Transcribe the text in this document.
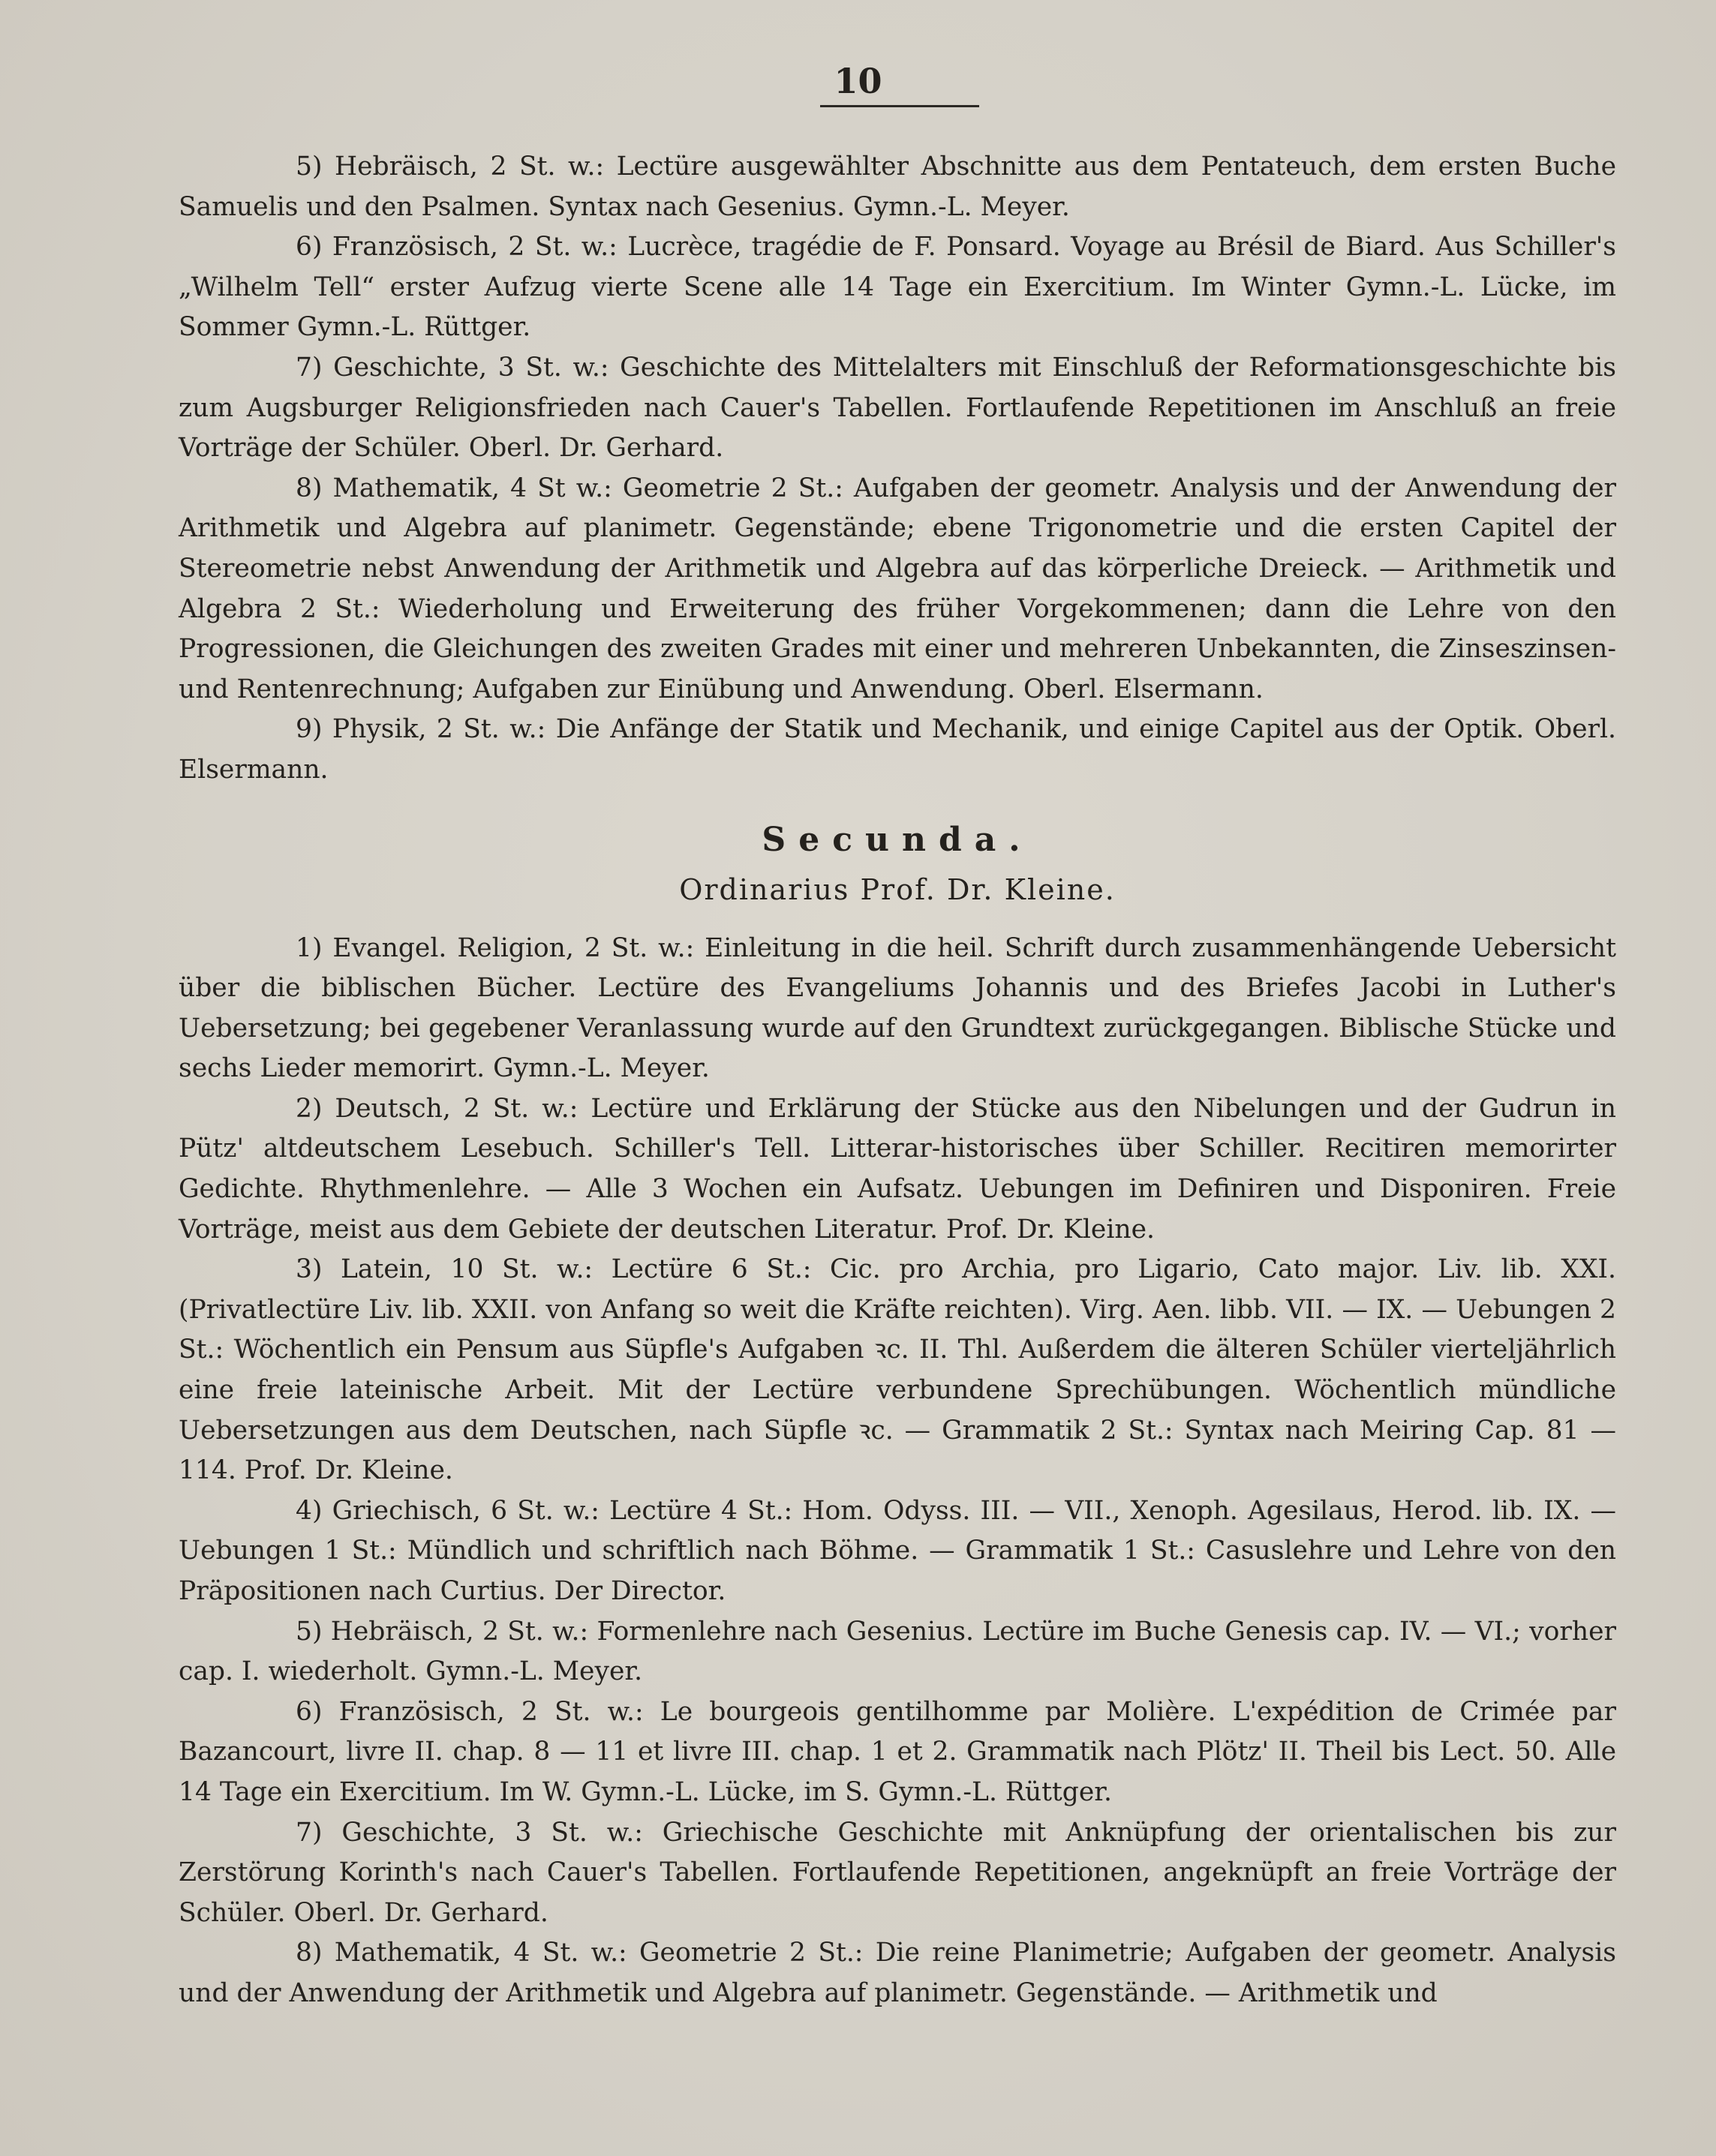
10

5) Hebräisch, 2 St. w.: Lectüre ausgewählter Abschnitte aus dem Pentateuch, dem ersten Buche Samuelis und den Psalmen. Syntax nach Gesenius. Gymn.-L. Meyer.

6) Französisch, 2 St. w.: Lucrèce, tragédie de F. Ponsard. Voyage au Brésil de Biard. Aus Schiller's „Wilhelm Tell“ erster Aufzug vierte Scene alle 14 Tage ein Exercitium. Im Winter Gymn.-L. Lücke, im Sommer Gymn.-L. Rüttger.

7) Geschichte, 3 St. w.: Geschichte des Mittelalters mit Einschluß der Reformationsgeschichte bis zum Augsburger Religionsfrieden nach Cauer's Tabellen. Fortlaufende Repetitionen im Anschluß an freie Vorträge der Schüler. Oberl. Dr. Gerhard.

8) Mathematik, 4 St w.: Geometrie 2 St.: Aufgaben der geometr. Analysis und der Anwendung der Arithmetik und Algebra auf planimetr. Gegenstände; ebene Trigonometrie und die ersten Capitel der Stereometrie nebst Anwendung der Arithmetik und Algebra auf das körperliche Dreieck. — Arithmetik und Algebra 2 St.: Wiederholung und Erweiterung des früher Vorgekommenen; dann die Lehre von den Progressionen, die Gleichungen des zweiten Grades mit einer und mehreren Unbekannten, die Zinseszinsen- und Rentenrechnung; Aufgaben zur Einübung und Anwendung. Oberl. Elsermann.

9) Physik, 2 St. w.: Die Anfänge der Statik und Mechanik, und einige Capitel aus der Optik. Oberl. Elsermann.

Secunda.

Ordinarius Prof. Dr. Kleine.

1) Evangel. Religion, 2 St. w.: Einleitung in die heil. Schrift durch zusammenhängende Uebersicht über die biblischen Bücher. Lectüre des Evangeliums Johannis und des Briefes Jacobi in Luther's Uebersetzung; bei gegebener Veranlassung wurde auf den Grundtext zurückgegangen. Biblische Stücke und sechs Lieder memorirt. Gymn.-L. Meyer.

2) Deutsch, 2 St. w.: Lectüre und Erklärung der Stücke aus den Nibelungen und der Gudrun in Pütz' altdeutschem Lesebuch. Schiller's Tell. Litterar-historisches über Schiller. Recitiren memorirter Gedichte. Rhythmenlehre. — Alle 3 Wochen ein Aufsatz. Uebungen im Definiren und Disponiren. Freie Vorträge, meist aus dem Gebiete der deutschen Literatur. Prof. Dr. Kleine.

3) Latein, 10 St. w.: Lectüre 6 St.: Cic. pro Archia, pro Ligario, Cato major. Liv. lib. XXI. (Privatlectüre Liv. lib. XXII. von Anfang so weit die Kräfte reichten). Virg. Aen. libb. VII. — IX. — Uebungen 2 St.: Wöchentlich ein Pensum aus Süpfle's Aufgaben ꝛc. II. Thl. Außerdem die älteren Schüler vierteljährlich eine freie lateinische Arbeit. Mit der Lectüre verbundene Sprechübungen. Wöchentlich mündliche Uebersetzungen aus dem Deutschen, nach Süpfle ꝛc. — Grammatik 2 St.: Syntax nach Meiring Cap. 81 — 114. Prof. Dr. Kleine.

4) Griechisch, 6 St. w.: Lectüre 4 St.: Hom. Odyss. III. — VII., Xenoph. Agesilaus, Herod. lib. IX. — Uebungen 1 St.: Mündlich und schriftlich nach Böhme. — Grammatik 1 St.: Casuslehre und Lehre von den Präpositionen nach Curtius. Der Director.

5) Hebräisch, 2 St. w.: Formenlehre nach Gesenius. Lectüre im Buche Genesis cap. IV. — VI.; vorher cap. I. wiederholt. Gymn.-L. Meyer.

6) Französisch, 2 St. w.: Le bourgeois gentilhomme par Molière. L'expédition de Crimée par Bazancourt, livre II. chap. 8 — 11 et livre III. chap. 1 et 2. Grammatik nach Plötz' II. Theil bis Lect. 50. Alle 14 Tage ein Exercitium. Im W. Gymn.-L. Lücke, im S. Gymn.-L. Rüttger.

7) Geschichte, 3 St. w.: Griechische Geschichte mit Anknüpfung der orientalischen bis zur Zerstörung Korinth's nach Cauer's Tabellen. Fortlaufende Repetitionen, angeknüpft an freie Vorträge der Schüler. Oberl. Dr. Gerhard.

8) Mathematik, 4 St. w.: Geometrie 2 St.: Die reine Planimetrie; Aufgaben der geometr. Analysis und der Anwendung der Arithmetik und Algebra auf planimetr. Gegenstände. — Arithmetik und
